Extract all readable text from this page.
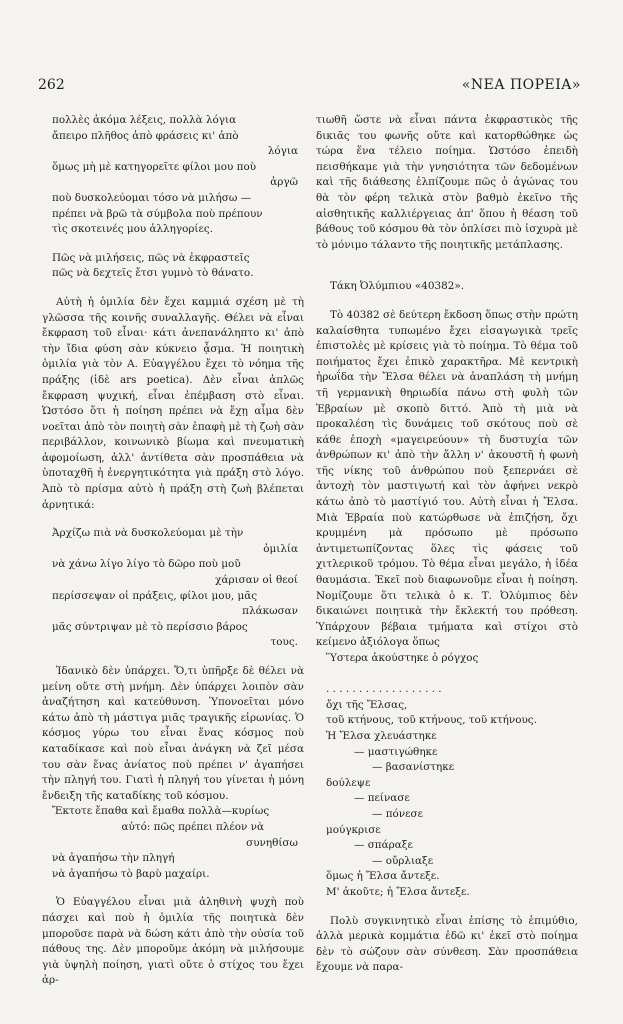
262	«ΝΕΑ ΠΟΡΕΙΑ»
πολλὲς ἀκόμα λέξεις, πολλὰ λόγια
ἄπειρο πλῆθος ἀπὸ φράσεις κι' ἀπὸ
λόγια
ὅμως μὴ μὲ κατηγορεῖτε φίλοι μου ποὺ
ἀργῶ
ποὺ δυσκολεύομαι τόσο νὰ μιλήσω —
πρέπει νὰ βρῶ τὰ σύμβολα ποὺ πρέπουν
τὶς σκοτεινές μου ἀλληγορίες.
Πῶς νὰ μιλήσεις, πῶς νὰ ἐκφραστεῖς
πῶς νὰ δεχτεῖς ἔτσι γυμνὸ τὸ θάνατο.

Αὐτὴ ἡ ὁμιλία δὲν ἔχει καμμιά σχέση μὲ τὴ γλῶσσα τῆς κοινῆς συναλλαγῆς. Θέλει νὰ εἶναι ἔκφραση τοῦ εἶναι· κάτι ἀνεπανάληπτο κι' ἀπὸ τὴν ἴδια φύση σὰν κύκνειο ᾆσμα. Ἡ ποιητικὴ ὁμιλία γιὰ τὸν Α. Εὐαγγέλου ἔχει τὸ νόημα τῆς πράξης (ἰδὲ ars poetica). Δὲν εἶναι ἁπλῶς ἔκφραση ψυχική, εἶναι ἐπέμβαση στὸ εἶναι. Ὡστόσο ὅτι ἡ ποίηση πρέπει νὰ ἔχῃ αἷμα δὲν νοεῖται ἀπὸ τὸν ποιητὴ σὰν ἐπαφὴ μὲ τὴ ζωὴ σὰν περιβάλλον, κοινωνικὸ βίωμα καὶ πνευματικὴ ἀφομοίωση, ἀλλ' ἀντίθετα σὰν προσπάθεια νὰ ὑποταχθῆ ἡ ἐνεργητικότητα γιὰ πράξη στὸ λόγο. Ἀπὸ τὸ πρίσμα αὐτὸ ἡ πράξη στὴ ζωὴ βλέπεται ἀρνητικά:

Ἀρχίζω πιὰ νὰ δυσκολεύομαι μὲ τὴν
ὁμιλία
νὰ χάνω λίγο λίγο τὸ δῶρο ποὺ μοῦ
χάρισαν οἱ θεοί
περίσσεψαν οἱ πράξεις, φίλοι μου, μᾶς
πλάκωσαν
μᾶς σύντριψαν μὲ τὸ περίσσιο βάρος
τους.

Ἰδανικὸ δὲν ὑπάρχει. Ὅ,τι ὑπῆρξε δὲ θέλει νὰ μείνη οὔτε στὴ μνήμη. Δὲν ὑπάρχει λοιπὸν σὰν ἀναζήτηση καὶ κατεύθυνση. Ὑπονοεῖται μόνο κάτω ἀπὸ τὴ μάστιγα μιᾶς τραγικῆς εἰρωνίας. Ὁ κόσμος γύρω του εἶναι ἕνας κόσμος ποὺ καταδίκασε καὶ ποὺ εἶναι ἀνάγκη νὰ ζεῖ μέσα του σὰν ἕνας ἀνίατος ποὺ πρέπει ν' ἀγαπήσει τὴν πληγή του. Γιατὶ ἡ πληγή του γίνεται ἡ μόνη ἔνδειξη τῆς καταδίκης τοῦ κόσμου.

Ἔκτοτε ἔπαθα καὶ ἔμαθα πολλὰ—κυρίως
αὐτό: πῶς πρέπει πλέον νὰ
συνηθίσω
νὰ ἀγαπήσω τὴν πληγή
νὰ ἀγαπήσω τὸ βαρὺ μαχαίρι.

Ὁ Εὐαγγέλου εἶναι μιὰ ἀληθινὴ ψυχὴ ποὺ πάσχει καὶ ποὺ ἡ ὁμιλία τῆς ποιητικὰ δὲν μποροῦσε παρὰ νὰ δώση κάτι ἀπὸ τὴν οὐσία τοῦ πάθους της. Δὲν μποροῦμε ἀκόμη νὰ μιλήσουμε γιὰ ὑψηλὴ ποίηση, γιατὶ οὔτε ὁ στίχος του ἔχει ἀρ-

τιωθῆ ὥστε νὰ εἶναι πάντα ἐκφραστικὸς τῆς δικιᾶς του φωνῆς οὔτε καὶ κατορθώθηκε ὡς τώρα ἕνα τέλειο ποίημα. Ὡστόσο ἐπειδὴ πεισθήκαμε γιὰ τὴν γνησιότητα τῶν δεδομένων καὶ τῆς διάθεσης ἐλπίζουμε πῶς ὁ ἀγώνας του θὰ τὸν φέρη τελικὰ στὸν βαθμὸ ἐκεῖνο τῆς αἰσθητικῆς καλλιέργειας ἀπ' ὅπου ἡ θέαση τοῦ βάθους τοῦ κόσμου θὰ τὸν ὁπλίσει πιὸ ἰσχυρὰ μὲ τὸ μόνιμο τάλαντο τῆς ποιητικῆς μετάπλασης.

Τάκη Ὀλύμπιου «40382».

Τὸ 40382 σὲ δεύτερη ἔκδοση ὅπως στὴν πρώτη καλαίσθητα τυπωμένο ἔχει εἰσαγωγικὰ τρεῖς ἐπιστολὲς μὲ κρίσεις γιὰ τὸ ποίημα. Τὸ θέμα τοῦ ποιήματος ἔχει ἐπικὸ χαρακτῆρα. Μὲ κεντρικὴ ἡρωΐδα τὴν Ἔλσα θέλει νὰ ἀναπλάση τὴ μνήμη τῆ γερμανικὴ θηριωδία πάνω στὴ φυλὴ τῶν Ἑβραίων μὲ σκοπὸ διττό. Ἀπὸ τὴ μιὰ νὰ προκαλέση τὶς δυνάμεις τοῦ σκότους ποὺ σὲ κάθε ἐποχὴ «μαγειρεύουν» τὴ δυστυχία τῶν ἀνθρώπων κι' ἀπὸ τὴν ἄλλη ν' ἀκουστῆ ἡ φωνὴ τῆς νίκης τοῦ ἀνθρώπου ποὺ ξεπερνάει σὲ ἀντοχὴ τὸν μαστιγωτή καὶ τὸν ἀφήνει νεκρὸ κάτω ἀπὸ τὸ μαστίγιό του. Αὐτὴ εἶναι ἡ Ἔλσα. Μιὰ Ἑβραία ποὺ κατώρθωσε νὰ ἐπιζήση, ὄχι κρυμμένη μὰ πρόσωπο μὲ πρόσωπο ἀντιμετωπίζοντας ὅλες τὶς φάσεις τοῦ χιτλερικοῦ τρόμου. Τὸ θέμα εἶναι μεγάλο, ἡ ἰδέα θαυμάσια. Ἐκεῖ ποὺ διαφωνοῦμε εἶναι ἡ ποίηση. Νομίζουμε ὅτι τελικὰ ὁ κ. Τ. Ὀλύμπιος δὲν δικαιώνει ποιητικὰ τὴν ἔκλεκτή του πρόθεση. Ὑπάρχουν βέβαια τμήματα καὶ στίχοι στὸ κείμενο ἀξιόλογα ὅπως

Ὕστερα ἀκούστηκε ὁ ρόγχος

. . . . . . . . . . . . . . . . . .
ὄχι τῆς Ἔλσας,
τοῦ κτήνους, τοῦ κτήνους, τοῦ κτήνους.
Ἡ Ἔλσα χλευάστηκε
— μαστιγώθηκε
— βασανίστηκε
δούλεψε
— πείνασε
— πόνεσε
μούγκρισε
— σπάραξε
— οὔρλιαξε
ὅμως ἡ Ἔλσα ἄντεξε.
Μ' ἀκοῦτε; ἡ Ἔλσα ἄντεξε.

Πολὺ συγκινητικὸ εἶναι ἐπίσης τὸ ἐπιμύθιο, ἀλλὰ μερικὰ κομμάτια ἐδῶ κι' ἐκεῖ στὸ ποίημα δὲν τὸ σώζουν σὰν σύνθεση. Σὰν προσπάθεια ἔχουμε νὰ παρα-
